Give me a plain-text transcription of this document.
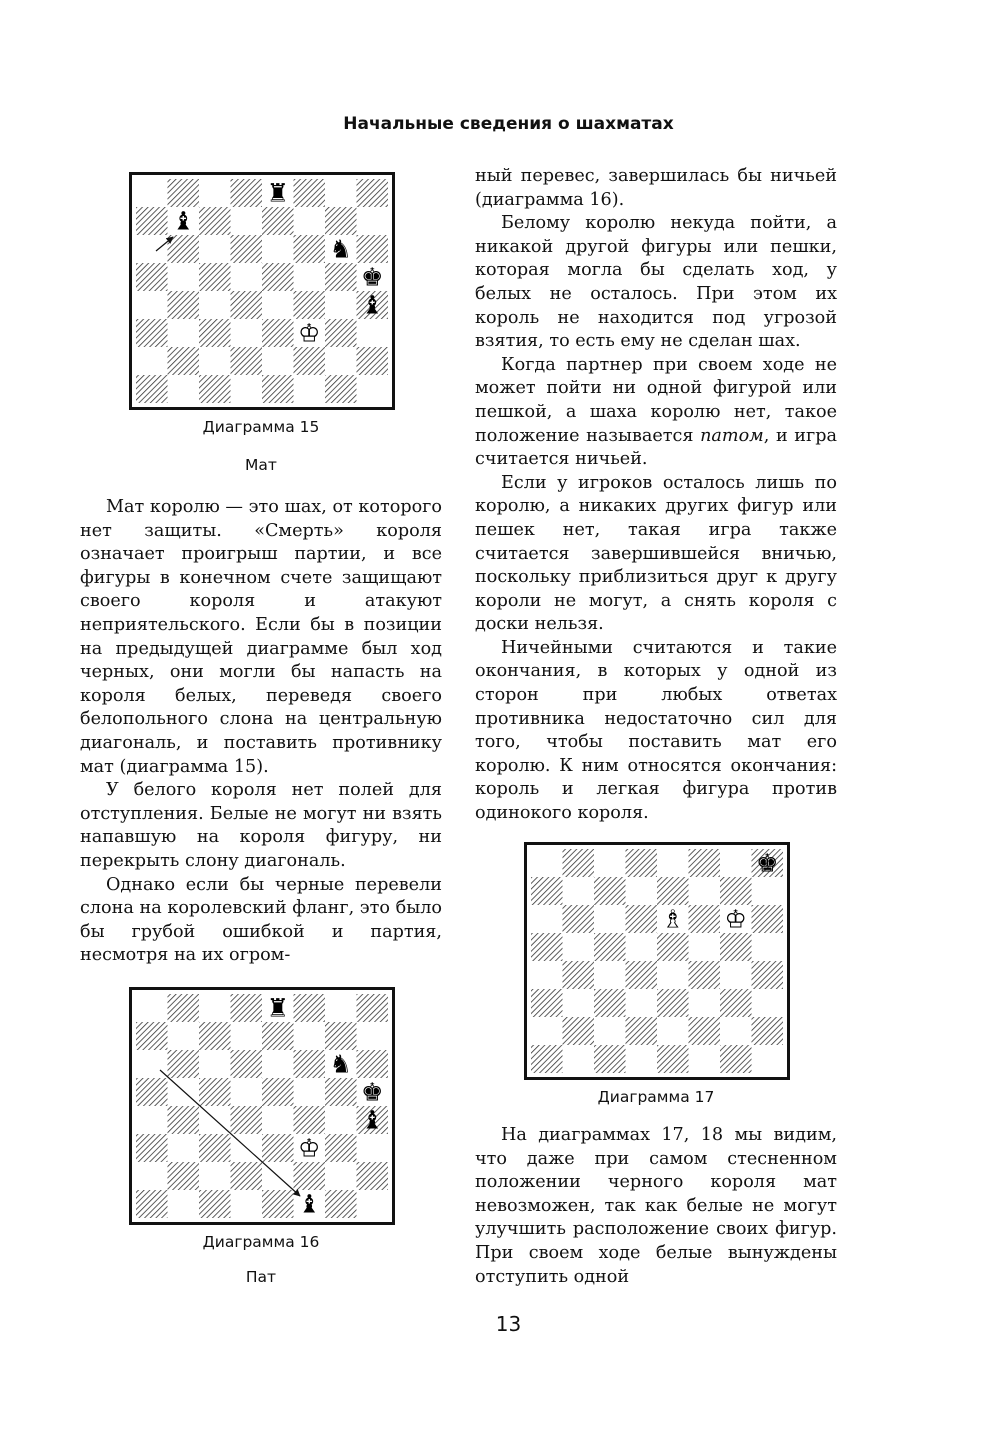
Начальные сведения о шахматах
♜
♝
♞
♚
♝
♔
Диаграмма 15
Мат

Мат королю — это шах, от которого нет защиты. «Смерть» короля означает проигрыш партии, и все фигуры в конечном счете защищают своего короля и атакуют неприятельского. Если бы в позиции на предыдущей диаграмме был ход черных, они могли бы напасть на короля белых, переведя своего белопольного слона на центральную диагональ, и поставить противнику мат (диаграмма 15).

У белого короля нет полей для отступления. Белые не могут ни взять напавшую на короля фигуру, ни перекрыть слону диагональ.

Однако если бы черные перевели слона на королевский фланг, это было бы грубой ошибкой и партия, несмотря на их огром-

♜
♞
♚
♝
♔
♝
Диаграмма 16
Пат

ный перевес, завершилась бы ничьей (диаграмма 16).

Белому королю некуда пойти, а никакой другой фигуры или пешки, которая могла бы сделать ход, у белых не осталось. При этом их король не находится под угрозой взятия, то есть ему не сделан шах.

Когда партнер при своем ходе не может пойти ни одной фигурой или пешкой, а шаха королю нет, такое положение называется патом, и игра считается ничьей.

Если у игроков осталось лишь по королю, а никаких других фигур или пешек нет, такая игра также считается завершившейся вничью, поскольку приблизиться друг к другу короли не могут, а снять короля с доски нельзя.

Ничейными считаются и такие окончания, в которых у одной из сторон при любых ответах противника недостаточно сил для того, чтобы поставить мат его королю. К ним относятся окончания: король и легкая фигура против одинокого короля.

♚
♗ ♔
Диаграмма 17

На диаграммах 17, 18 мы видим, что даже при самом стесненном положении черного короля мат невозможен, так как белые не могут улучшить расположение своих фигур. При своем ходе белые вынуждены отступить одной

13
